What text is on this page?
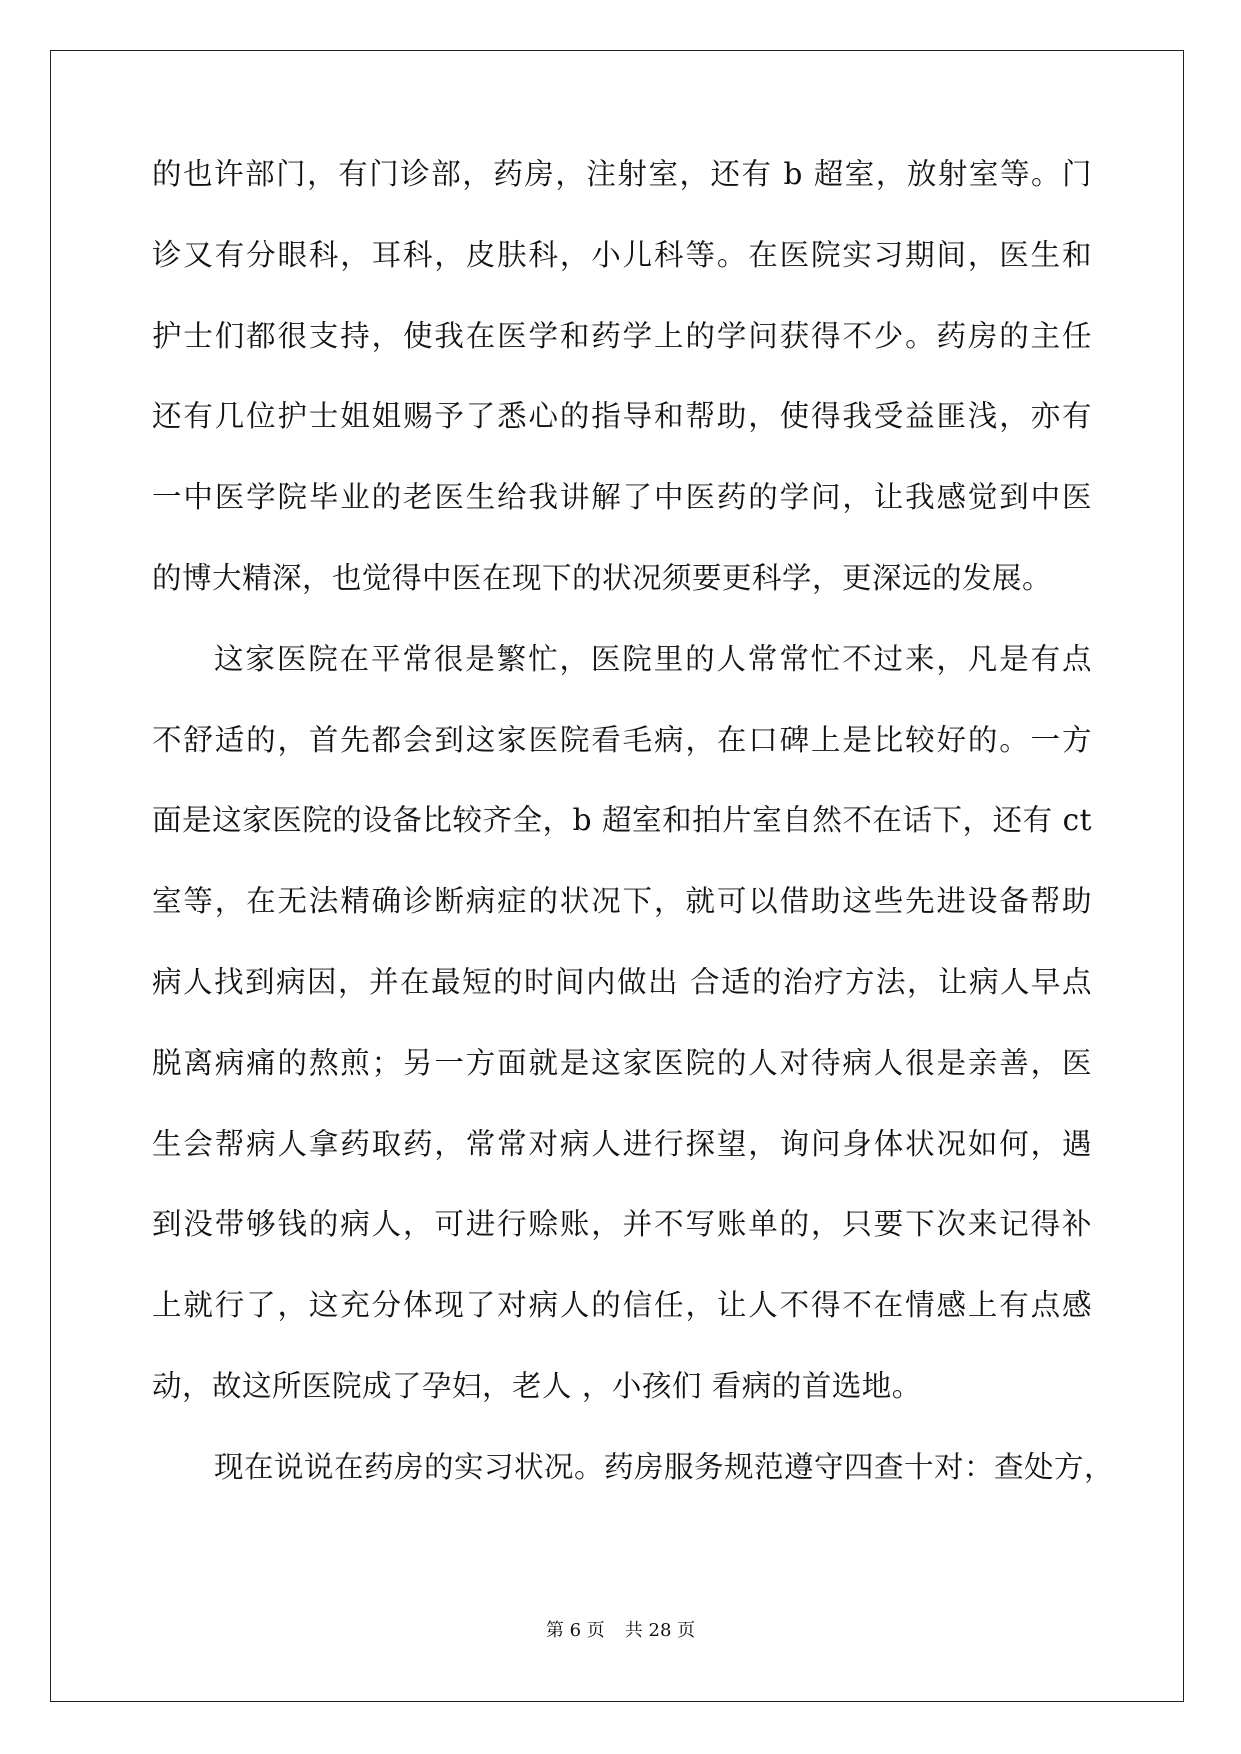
的也许部门，有门诊部，药房，注射室，还有 b 超室，放射室等。门
诊又有分眼科，耳科，皮肤科，小儿科等。在医院实习期间，医生和
护士们都很支持，使我在医学和药学上的学问获得不少。药房的主任
还有几位护士姐姐赐予了悉心的指导和帮助，使得我受益匪浅，亦有
一中医学院毕业的老医生给我讲解了中医药的学问，让我感觉到中医
的博大精深，也觉得中医在现下的状况须要更科学，更深远的发展。
这家医院在平常很是繁忙，医院里的人常常忙不过来，凡是有点
不舒适的，首先都会到这家医院看毛病，在口碑上是比较好的。一方
面是这家医院的设备比较齐全，b 超室和拍片室自然不在话下，还有 ct
室等，在无法精确诊断病症的状况下，就可以借助这些先进设备帮助
病人找到病因，并在最短的时间内做出 合适的治疗方法，让病人早点
脱离病痛的熬煎；另一方面就是这家医院的人对待病人很是亲善，医
生会帮病人拿药取药，常常对病人进行探望，询问身体状况如何，遇
到没带够钱的病人，可进行赊账，并不写账单的，只要下次来记得补
上就行了，这充分体现了对病人的信任，让人不得不在情感上有点感
动，故这所医院成了孕妇，老人 ，小孩们 看病的首选地。
现在说说在药房的实习状况。药房服务规范遵守四查十对：查处方，
第 6 页 共 28 页
